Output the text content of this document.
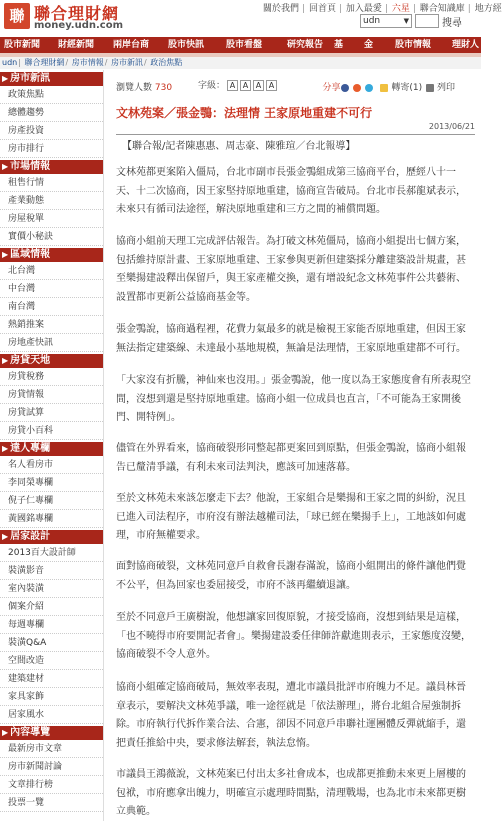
聯 聯合理財網
money.udn.com
關於我們 | 回首頁 | 加入最愛 | 六星 | 聯合知識庫 | 地方經
udn	▼	搜尋
股市新聞 財經新聞 兩岸台商 股市快訊 股市看盤	研究報告 基 金 股市情報 理財人
udn| 聯合理財網/ 房市情報/ 房市新訊/ 政治焦點
▶ 房市新訊
政策焦點
總體趨勢
房產投資
房市排行
▶ 市場情報
租售行情
產業動態
房屋稅單
實價小秘訣
▶ 區域情報
北台灣
中台灣
南台灣
熱銷推案
房地產快訊
▶ 房貸天地
房貸稅務
房貸情報
房貸試算
房貸小百科
▶ 達人專欄
名人看房市
李同榮專欄
倪子仁專欄
黃國銘專欄
▶ 居家設計
2013百大設計師
裝潢影音
室內裝潢
個案介紹
每週專欄
裝潢Q&A
空間改造
建築建材
家具家飾
居家風水
▶ 內容導覽
最新房市文章
房市新聞討論
文章排行榜
投票一覽
瀏覽人數 730	字級： A A A A	分享	轉寄(1) 列印
文林苑案／張金鶚：法理情 王家原地重建不可行
2013/06/21
【聯合報/記者陳惠惠、周志豪、陳雅瑄／台北報導】
文林苑都更案陷入僵局，台北市副市長張金鶚組成第三協商平台，歷經八十一天、十二次協商，因王家堅持原地重建，協商宣告破局。台北市長郝龍斌表示，未來只有循司法途徑，解決原地重建和三方之間的補償問題。
協商小組前天理工完成評估報告。為打破文林苑僵局，協商小組提出七個方案，包括維持原計畫、王家原地重建、王家參與更新但建築採分離建築設計規畫，甚至樂揚建設釋出保留戶，與王家產權交換，還有增設紀念文林苑事件公共藝術、設置都市更新公益協商基金等。
張金鶚說，協商過程裡，花費力氣最多的就是檢視王家能否原地重建，但因王家無法指定建築線、未達最小基地規模，無論是法理情，王家原地重建都不可行。
「大家沒有折騰，神仙來也沒用。」張金鶚說，他一度以為王家態度會有所表現空間，沒想到還是堅持原地重建。協商小組一位成員也直言，「不可能為王家開後門、開特例」。
儘管在外界看來，協商破裂形同整起都更案回到原點，但張金鶚說，協商小組報告已釐清爭議，有利未來司法判決，應該可加速落幕。
至於文林苑未來該怎麼走下去？他說，王家組合是樂揚和王家之間的糾紛，況且已進入司法程序，市府沒有辦法越權司法，「球已經在樂揚手上」，工地該如何處理，市府無權要求。
面對協商破裂，文林苑同意戶自救會長謝春滿說，協商小組開出的條件讓他們覺不公平，但為回家也委屈接受，市府不該再繼續退讓。
至於不同意戶王廣樹說，他想讓家回復原貌，才接受協商，沒想到結果是這樣，「也不曉得市府要開記者會」。樂揚建設委任律師許獻進則表示，王家態度沒變，協商破裂不令人意外。
協商小組確定協商破局，無效率表現，遭北市議員批評市府魄力不足。議員林晉章表示，要解決文林苑爭議，唯一途徑就是「依法辦理」，將台北組合屋強制拆除。市府執行代拆作業合法、合憲，卻因不同意戶串聯社運團體反彈就縮手，還把責任推給中央，要求修法解套，執法怠惰。
市議員王鴻薇說，文林苑案已付出太多社會成本，也成都更推動未來更上層樓的包袱，市府應拿出魄力，明確宣示處理時間點，清理戰場，也為北市未來都更樹立典範。
